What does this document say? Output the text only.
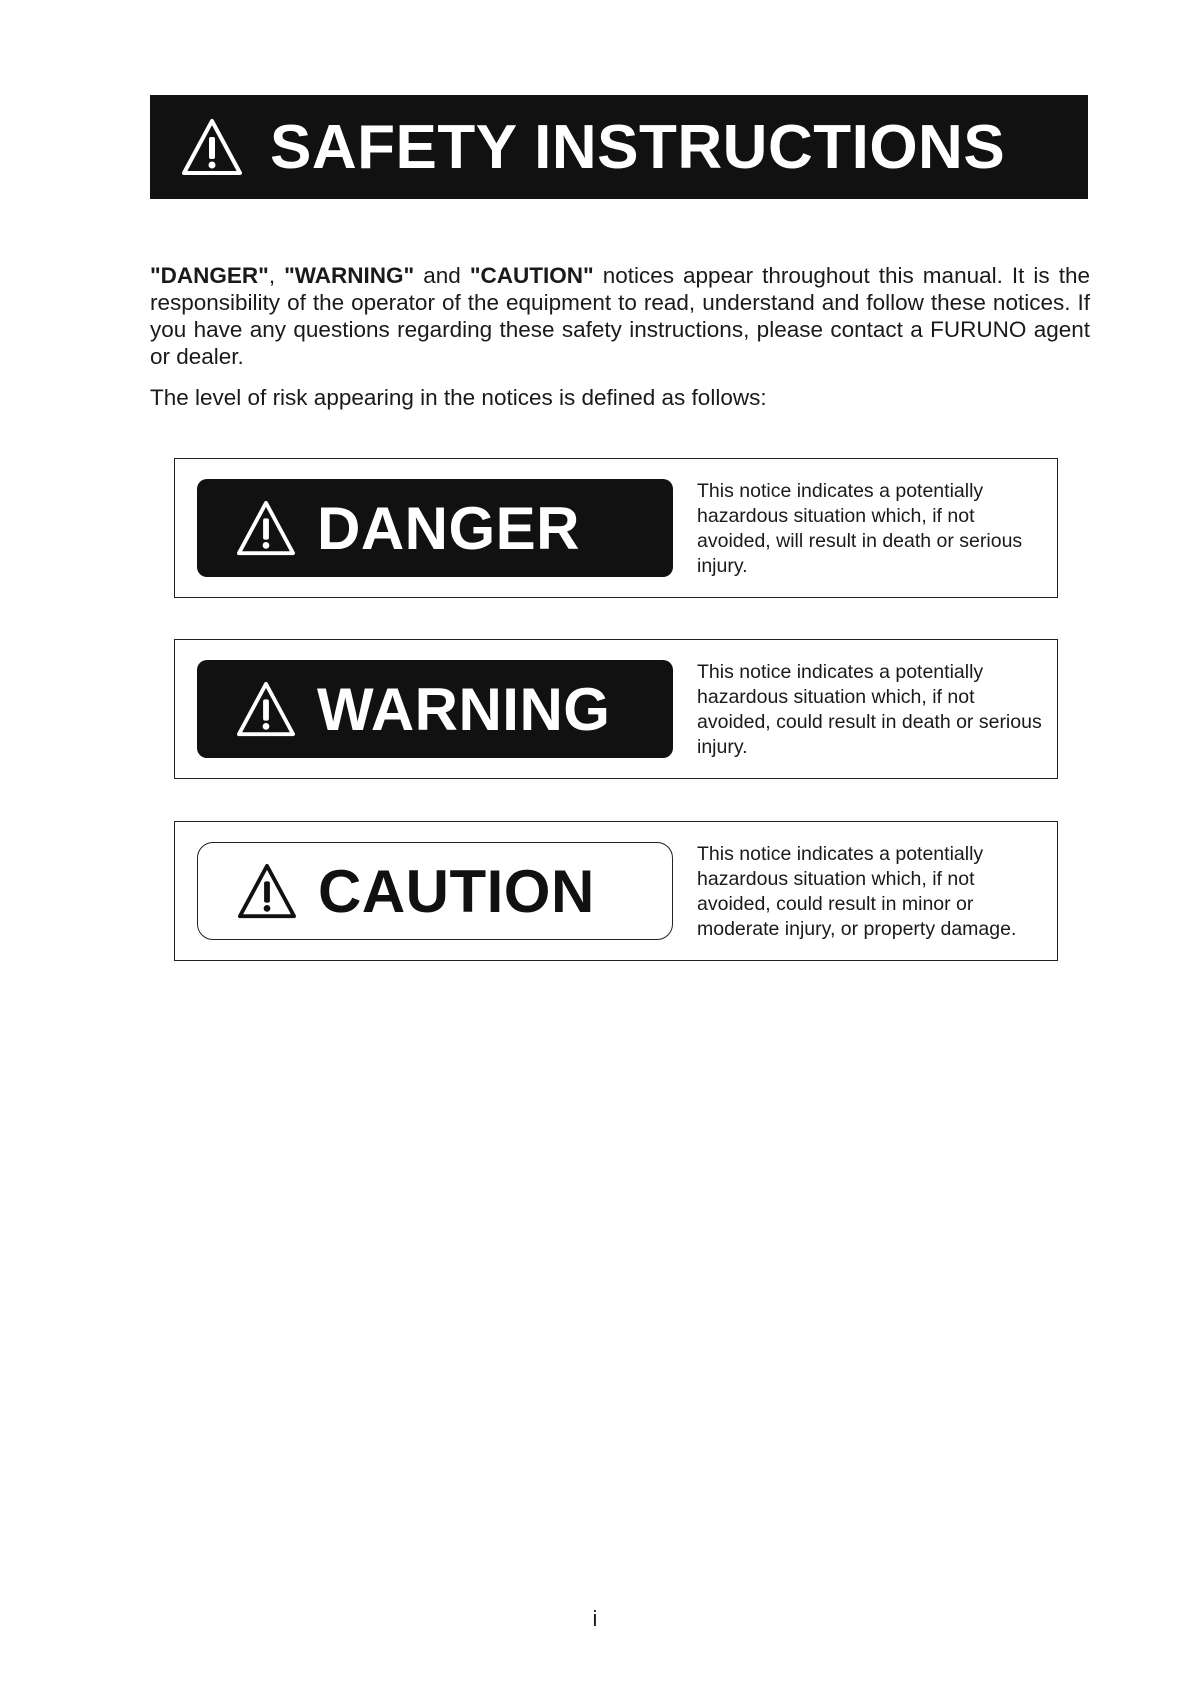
SAFETY INSTRUCTIONS

"DANGER", "WARNING" and "CAUTION" notices appear throughout this manual. It is the responsibility of the operator of the equipment to read, understand and follow these notices. If you have any questions regarding these safety instructions, please contact a FURUNO agent or dealer.

The level of risk appearing in the notices is defined as follows:

DANGER
This notice indicates a potentially hazardous situation which, if not avoided, will result in death or serious injury.
WARNING
This notice indicates a potentially hazardous situation which, if not avoided, could result in death or serious injury.
CAUTION
This notice indicates a potentially hazardous situation which, if not avoided, could result in minor or moderate injury, or property damage.
i
